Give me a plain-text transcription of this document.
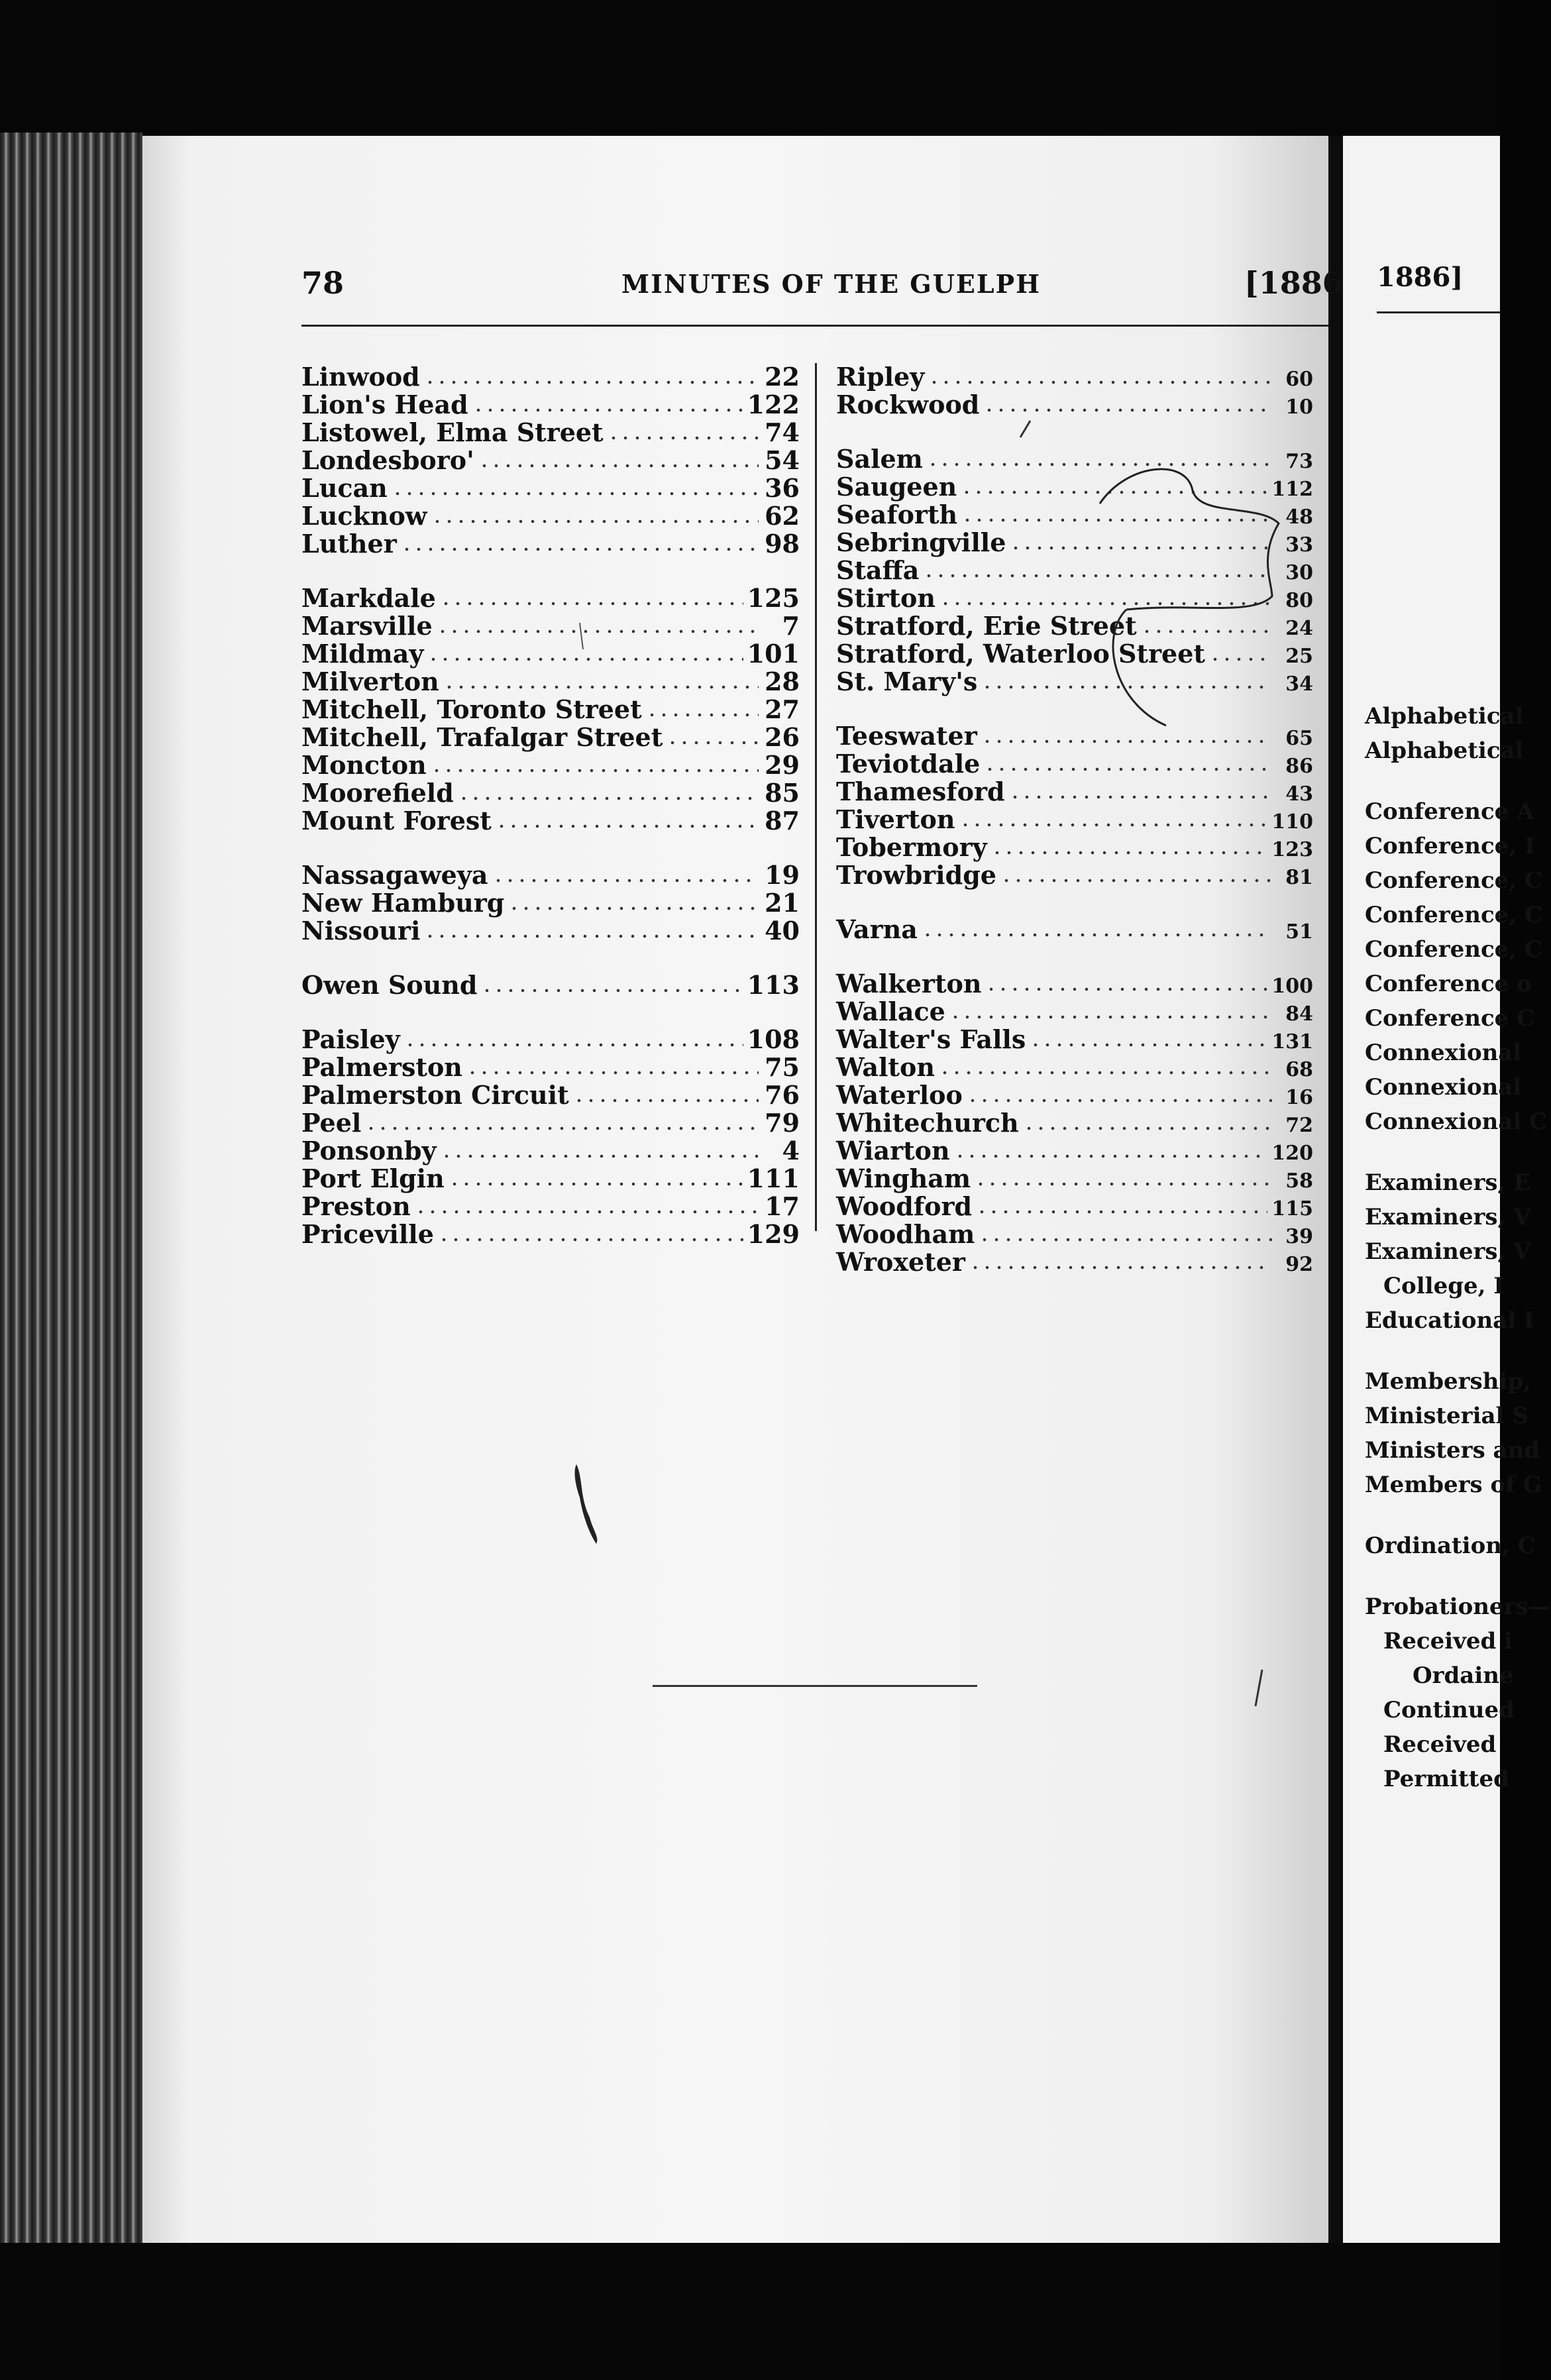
78	MINUTES OF THE GUELPH	[1886
Linwood	22
Lion's Head	122
Listowel, Elma Street	74
Londesboro'	54
Lucan	36
Lucknow	62
Luther	98
Markdale	125
Marsville	7
Mildmay	101
Milverton	28
Mitchell, Toronto Street	27
Mitchell, Trafalgar Street	26
Moncton	29
Moorefield	85
Mount Forest	87
Nassagaweya	19
New Hamburg	21
Nissouri	40
Owen Sound	113
Paisley	108
Palmerston	75
Palmerston Circuit	76
Peel	79
Ponsonby	4
Port Elgin	111
Preston	17
Priceville	129
Ripley	60
Rockwood	10
Salem	73
Saugeen	112
Seaforth	48
Sebringville	33
Staffa	30
Stirton	80
Stratford, Erie Street	24
Stratford, Waterloo Street	25
St. Mary's	34
Teeswater	65
Teviotdale	86
Thamesford	43
Tiverton	110
Tobermory	123
Trowbridge	81
Varna	51
Walkerton	100
Wallace	84
Walter's Falls	131
Walton	68
Waterloo	16
Whitechurch	72
Wiarton	120
Wingham	58
Woodford	115
Woodham	39
Wroxeter	92
1886]
Alphabetical
Alphabetical
Conference A
Conference, I
Conference, C
Conference, C
Conference, C
Conference o
Conference C
Connexional
Connexional
Connexional C
Examiners, E
Examiners, V
Examiners, V
College, I
Educational I
Membership,
Ministerial S
Ministers and
Members of G
Ordination, C
Probationers—
Received i
Ordaine
Continued
Received
Permitted
